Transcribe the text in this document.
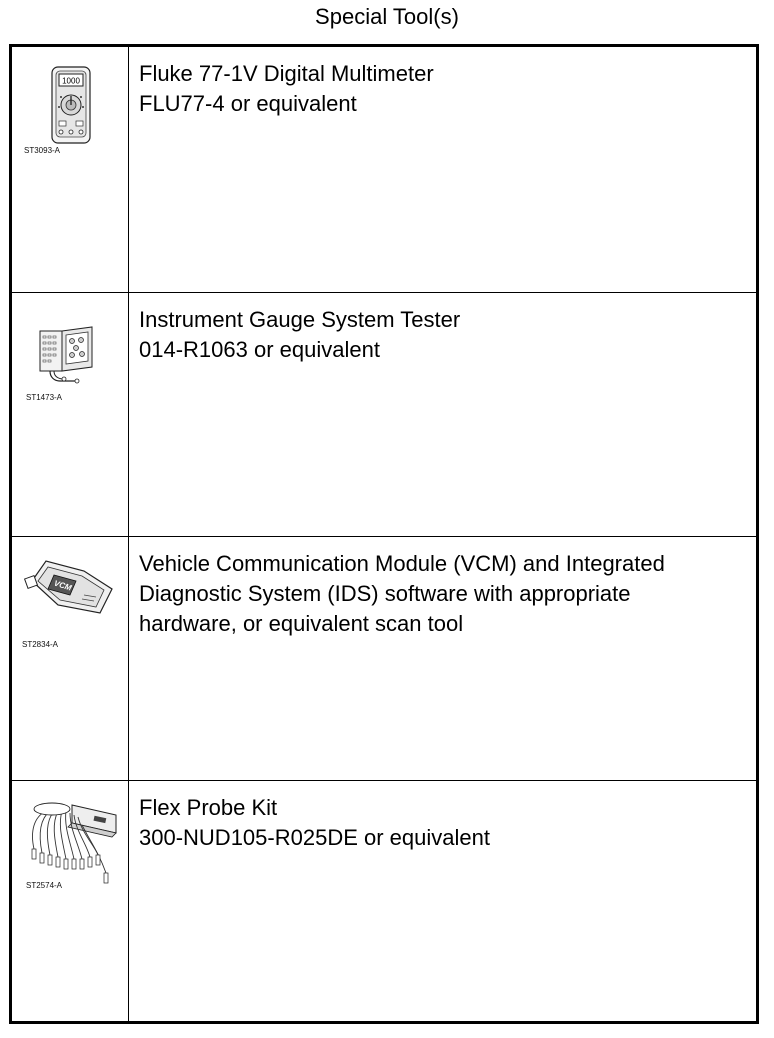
Special Tool(s)
1000
ST3093-A
Fluke 77-1V Digital Multimeter
FLU77-4 or equivalent
ST1473-A
Instrument Gauge System Tester
014-R1063 or equivalent
VCM
ST2834-A
Vehicle Communication Module (VCM) and Integrated
Diagnostic System (IDS) software with appropriate
hardware, or equivalent scan tool
ST2574-A
Flex Probe Kit
300-NUD105-R025DE or equivalent
